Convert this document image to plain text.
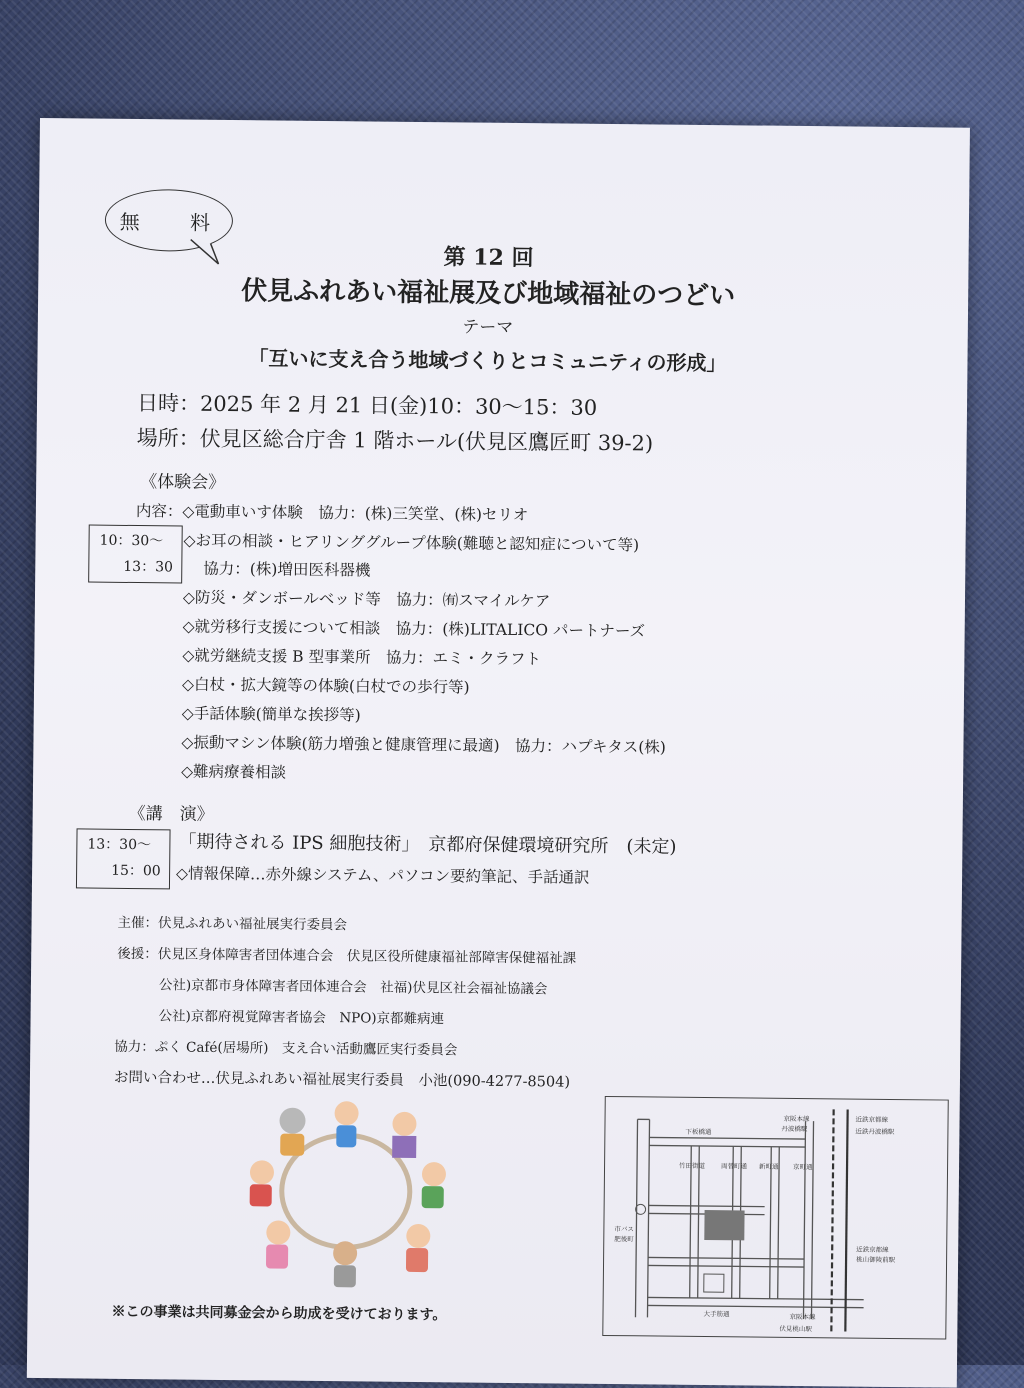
無 料
第 12 回
伏見ふれあい福祉展及び地域福祉のつどい
テーマ
「互いに支え合う地域づくりとコミュニティの形成」
日時：2025 年 2 月 21 日(金)10：30～15：30
場所：伏見区総合庁舎 1 階ホール(伏見区鷹匠町 39-2)
《体験会》
10：30～
13：30
内容：◇電動車いす体験　協力：(株)三笑堂、(株)セリオ
◇お耳の相談・ヒアリンググループ体験(難聴と認知症について等)
協力：(株)増田医科器機
◇防災・ダンボールベッド等　協力：㈲スマイルケア
◇就労移行支援について相談　協力：(株)LITALICO パートナーズ
◇就労継続支援 B 型事業所　協力：エミ・クラフト
◇白杖・拡大鏡等の体験(白杖での歩行等)
◇手話体験(簡単な挨拶等)
◇振動マシン体験(筋力増強と健康管理に最適)　協力：ハプキタス(株)
◇難病療養相談
《講　演》
13：30～
15：00
「期待される IPS 細胞技術」　京都府保健環境研究所　(未定)
◇情報保障…赤外線システム、パソコン要約筆記、手話通訳
主催：伏見ふれあい福祉展実行委員会
後援：伏見区身体障害者団体連合会　伏見区役所健康福祉部障害保健福祉課
公社)京都市身体障害者団体連合会　社福)伏見区社会福祉協議会
公社)京都府視覚障害者協会　NPO)京都難病連
協力：ぷく Café(居場所)　支え合い活動鷹匠実行委員会
お問い合わせ…伏見ふれあい福祉展実行委員　小池(090-4277-8504)
※この事業は共同募金会から助成を受けております。
京阪本線
丹波橋駅
近鉄京都線
近鉄丹波橋駅
下板橋通
竹田街道 両替町通 新町通 京町通
市バス
肥後町
大手筋通
近鉄京都線
桃山御陵前駅
京阪本線
伏見桃山駅
